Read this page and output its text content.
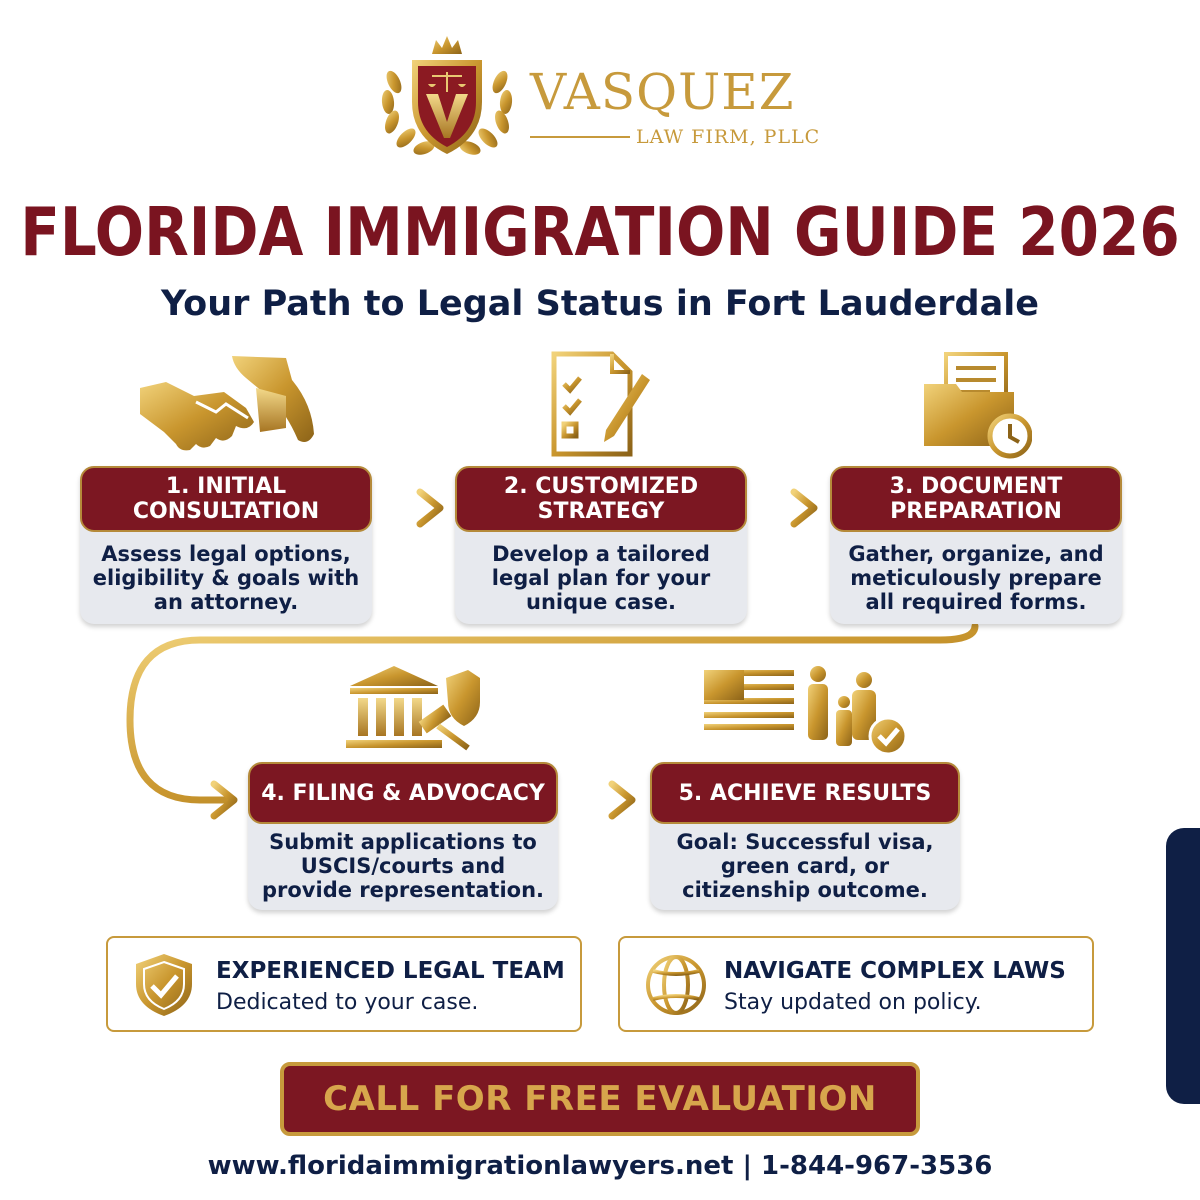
VASQUEZ
LAW FIRM, PLLC
FLORIDA IMMIGRATION GUIDE 2026
Your Path to Legal Status in Fort Lauderdale
1. INITIAL CONSULTATION
Assess legal options, eligibility & goals with an attorney.
2. CUSTOMIZED STRATEGY
Develop a tailored legal plan for your unique case.
3. DOCUMENT PREPARATION
Gather, organize, and meticulously prepare all required forms.
4. FILING & ADVOCACY
Submit applications to USCIS/courts and provide representation.
5. ACHIEVE RESULTS
Goal: Successful visa, green card, or citizenship outcome.
EXPERIENCED LEGAL TEAM
Dedicated to your case.
NAVIGATE COMPLEX LAWS
Stay updated on policy.
CALL FOR FREE EVALUATION
www.floridaimmigrationlawyers.net | 1-844-967-3536
